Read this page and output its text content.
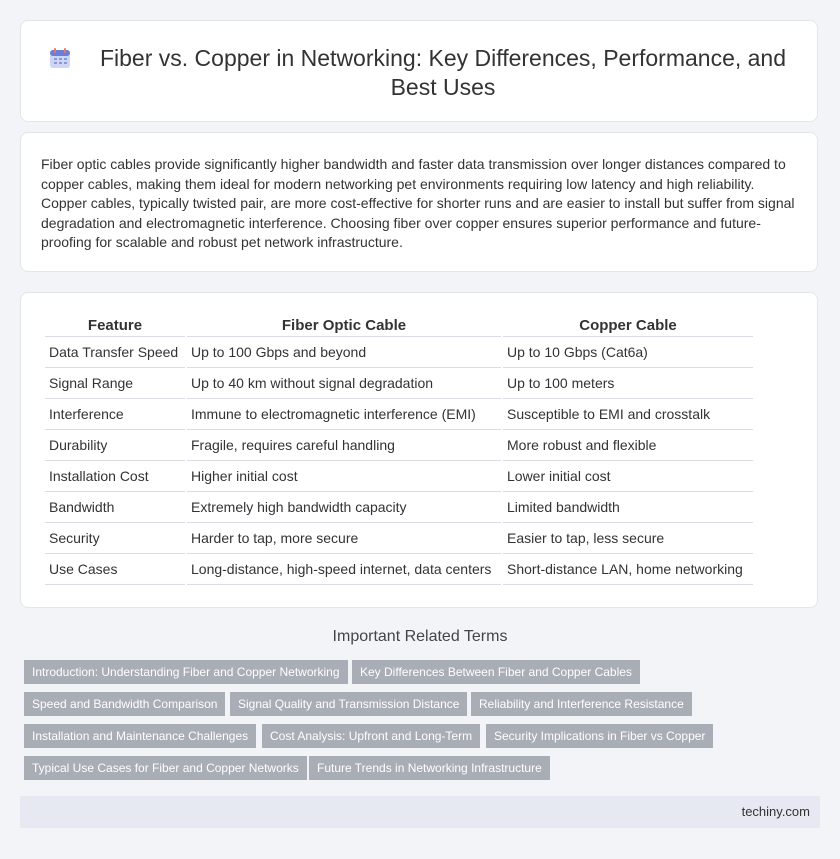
Fiber vs. Copper in Networking: Key Differences, Performance, and Best Uses

Fiber optic cables provide significantly higher bandwidth and faster data transmission over longer distances compared to copper cables, making them ideal for modern networking pet environments requiring low latency and high reliability. Copper cables, typically twisted pair, are more cost-effective for shorter runs and are easier to install but suffer from signal degradation and electromagnetic interference. Choosing fiber over copper ensures superior performance and future-proofing for scalable and robust pet network infrastructure.

Feature	Fiber Optic Cable	Copper Cable
Data Transfer Speed	Up to 100 Gbps and beyond	Up to 10 Gbps (Cat6a)
Signal Range	Up to 40 km without signal degradation	Up to 100 meters
Interference	Immune to electromagnetic interference (EMI)	Susceptible to EMI and crosstalk
Durability	Fragile, requires careful handling	More robust and flexible
Installation Cost	Higher initial cost	Lower initial cost
Bandwidth	Extremely high bandwidth capacity	Limited bandwidth
Security	Harder to tap, more secure	Easier to tap, less secure
Use Cases	Long-distance, high-speed internet, data centers	Short-distance LAN, home networking
Important Related Terms
Introduction: Understanding Fiber and Copper Networking	Key Differences Between Fiber and Copper Cables
Speed and Bandwidth Comparison	Signal Quality and Transmission Distance	Reliability and Interference Resistance
Installation and Maintenance Challenges	Cost Analysis: Upfront and Long-Term	Security Implications in Fiber vs Copper
Typical Use Cases for Fiber and Copper Networks	Future Trends in Networking Infrastructure
techiny.com
